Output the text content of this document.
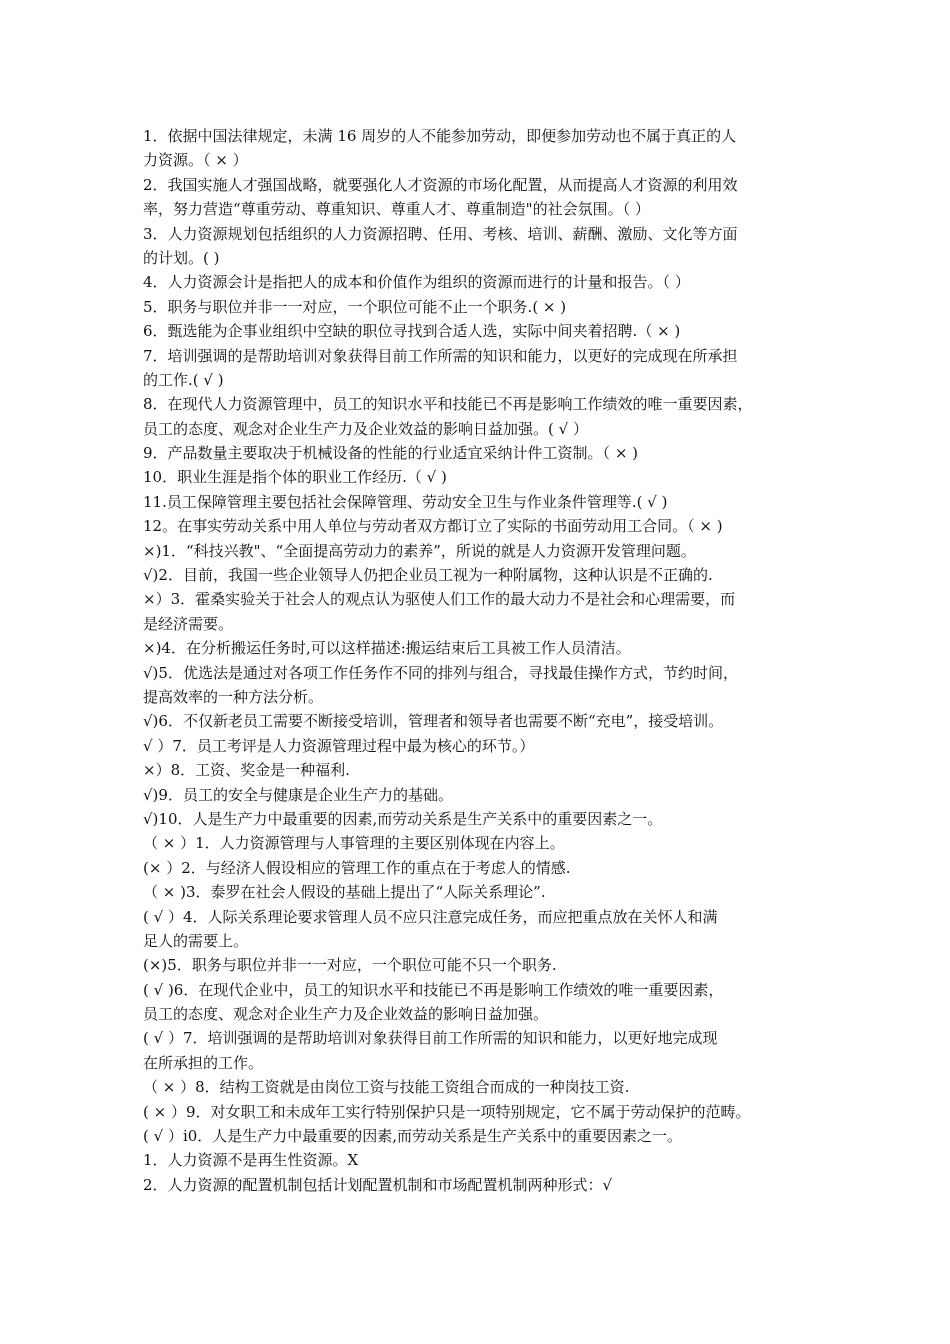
1．依据中国法律规定，未满 16 周岁的人不能参加劳动，即便参加劳动也不属于真正的人
力资源。（ × ）
2．我国实施人才强国战略，就要强化人才资源的市场化配置，从而提高人才资源的利用效
率，努力营造“尊重劳动、尊重知识、尊重人才、尊重制造"的社会氛围。（ ）
3．人力资源规划包括组织的人力资源招聘、任用、考核、培训、薪酬、激励、文化等方面
的计划。( )
4．人力资源会计是指把人的成本和价值作为组织的资源而进行的计量和报告。（ ）
5．职务与职位并非一一对应，一个职位可能不止一个职务.( × )
6．甄选能为企事业组织中空缺的职位寻找到合适人选，实际中间夹着招聘.（ × )
7．培训强调的是帮助培训对象获得目前工作所需的知识和能力，以更好的完成现在所承担
的工作.( √ )
8．在现代人力资源管理中，员工的知识水平和技能已不再是影响工作绩效的唯一重要因素，
员工的态度、观念对企业生产力及企业效益的影响日益加强。( √ ）
9．产品数量主要取决于机械设备的性能的行业适宜采纳计件工资制。（ × )
10．职业生涯是指个体的职业工作经历.（ √ )
11.员工保障管理主要包括社会保障管理、劳动安全卫生与作业条件管理等.( √ )
12。在事实劳动关系中用人单位与劳动者双方都订立了实际的书面劳动用工合同。（ × )
×)1．“科技兴教"、“全面提高劳动力的素养”，所说的就是人力资源开发管理问题。
√)2．目前，我国一些企业领导人仍把企业员工视为一种附属物，这种认识是不正确的.
×）3．霍桑实验关于社会人的观点认为驱使人们工作的最大动力不是社会和心理需要，而
是经济需要。
×)4．在分析搬运任务时,可以这样描述:搬运结束后工具被工作人员清洁。
√)5．优选法是通过对各项工作任务作不同的排列与组合，寻找最佳操作方式，节约时间，
提高效率的一种方法分析。
√)6．不仅新老员工需要不断接受培训，管理者和领导者也需要不断“充电”，接受培训。
√ ）7．员工考评是人力资源管理过程中最为核心的环节。）
×）8．工资、奖金是一种福利.
√)9．员工的安全与健康是企业生产力的基础。
√)10．人是生产力中最重要的因素,而劳动关系是生产关系中的重要因素之一。
（ × ）1．人力资源管理与人事管理的主要区别体现在内容上。
(× ）2．与经济人假设相应的管理工作的重点在于考虑人的情感.
（ × )3．泰罗在社会人假设的基础上提出了“人际关系理论”.
( √ ）4．人际关系理论要求管理人员不应只注意完成任务，而应把重点放在关怀人和满
足人的需要上。
(×)5．职务与职位并非一一对应，一个职位可能不只一个职务.
( √ )6．在现代企业中，员工的知识水平和技能已不再是影响工作绩效的唯一重要因素，
员工的态度、观念对企业生产力及企业效益的影响日益加强。
( √ ）7．培训强调的是帮助培训对象获得目前工作所需的知识和能力，以更好地完成现
在所承担的工作。
（ × ）8．结构工资就是由岗位工资与技能工资组合而成的一种岗技工资.
( × ）9．对女职工和未成年工实行特别保护只是一项特别规定，它不属于劳动保护的范畴。
( √ ）i0．人是生产力中最重要的因素,而劳动关系是生产关系中的重要因素之一。
1．人力资源不是再生性资源。X
2．人力资源的配置机制包括计划配置机制和市场配置机制两种形式：√
